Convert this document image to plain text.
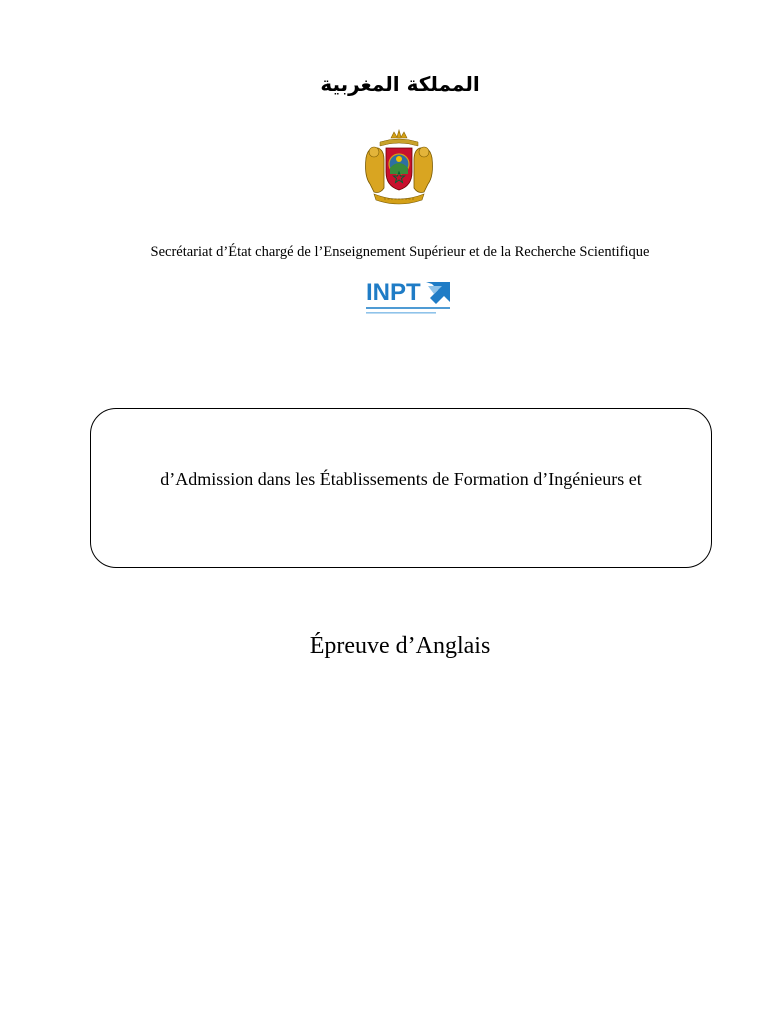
المملكة المغربية
Secrétariat d’État chargé de l’Enseignement Supérieur et de la Recherche Scientifique
INPT
d’Admission dans les Établissements de Formation d’Ingénieurs et
Épreuve d’Anglais
